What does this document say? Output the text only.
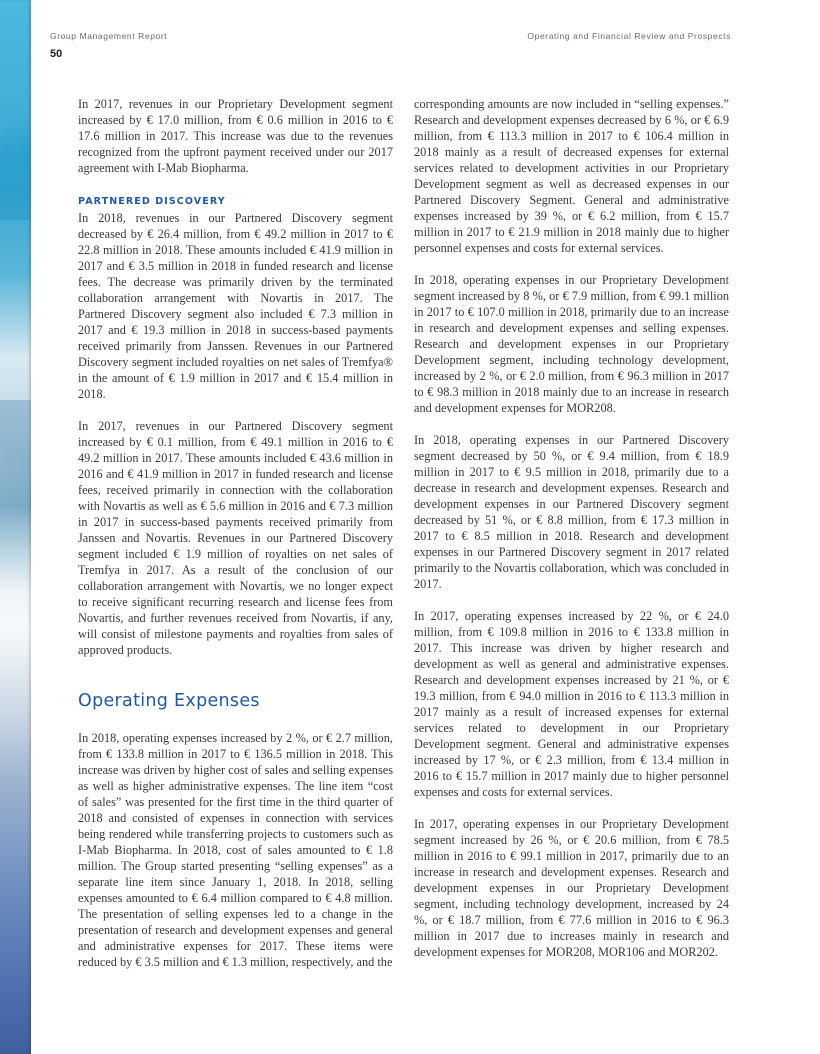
Group Management Report	Operating and Financial Review and Prospects
50

In 2017, revenues in our Proprietary Development segment increased by € 17.0 million, from € 0.6 million in 2016 to € 17.6 million in 2017. This increase was due to the revenues recognized from the upfront payment received under our 2017 agreement with I-Mab Biopharma.

PARTNERED DISCOVERY

In 2018, revenues in our Partnered Discovery segment decreased by € 26.4 million, from € 49.2 million in 2017 to € 22.8 million in 2018. These amounts included € 41.9 million in 2017 and € 3.5 million in 2018 in funded research and license fees. The decrease was primarily driven by the terminated collaboration arrangement with Novartis in 2017. The Partnered Discovery segment also included € 7.3 million in 2017 and € 19.3 million in 2018 in success-based payments received primarily from Janssen. Revenues in our Partnered Discovery segment included royalties on net sales of Tremfya® in the amount of € 1.9 million in 2017 and € 15.4 million in 2018.

In 2017, revenues in our Partnered Discovery segment increased by € 0.1 million, from € 49.1 million in 2016 to € 49.2 million in 2017. These amounts included € 43.6 million in 2016 and € 41.9 million in 2017 in funded research and license fees, received primarily in connection with the collaboration with Novartis as well as € 5.6 million in 2016 and € 7.3 million in 2017 in success-based payments received primarily from Janssen and Novartis. Revenues in our Partnered Discovery segment included € 1.9 million of royalties on net sales of Tremfya in 2017. As a result of the conclusion of our collaboration arrangement with Novartis, we no longer expect to receive significant recurring research and license fees from Novartis, and further revenues received from Novartis, if any, will consist of milestone payments and royalties from sales of approved products.

Operating Expenses

In 2018, operating expenses increased by 2 %, or € 2.7 million, from € 133.8 million in 2017 to € 136.5 million in 2018. This increase was driven by higher cost of sales and selling expenses as well as higher administrative expenses. The line item “cost of sales” was presented for the first time in the third quarter of 2018 and consisted of expenses in connection with services being rendered while transferring projects to customers such as I-Mab Biopharma. In 2018, cost of sales amounted to € 1.8 million. The Group started presenting “selling expenses” as a separate line item since January 1, 2018. In 2018, selling expenses amounted to € 6.4 million compared to € 4.8 million. The presentation of selling expenses led to a change in the presentation of research and development expenses and general and administrative expenses for 2017. These items were reduced by € 3.5 million and € 1.3 million, respectively, and the

corresponding amounts are now included in “selling expenses.” Research and development expenses decreased by 6 %, or € 6.9 million, from € 113.3 million in 2017 to € 106.4 million in 2018 mainly as a result of decreased expenses for external services related to development activities in our Proprietary Development segment as well as decreased expenses in our Partnered Discovery Segment. General and administrative expenses increased by 39 %, or € 6.2 million, from € 15.7 million in 2017 to € 21.9 million in 2018 mainly due to higher personnel expenses and costs for external services.

In 2018, operating expenses in our Proprietary Development segment increased by 8 %, or € 7.9 million, from € 99.1 million in 2017 to € 107.0 million in 2018, primarily due to an increase in research and development expenses and selling expenses. Research and development expenses in our Proprietary Development segment, including technology development, increased by 2 %, or € 2.0 million, from € 96.3 million in 2017 to € 98.3 million in 2018 mainly due to an increase in research and development expenses for MOR208.

In 2018, operating expenses in our Partnered Discovery segment decreased by 50 %, or € 9.4 million, from € 18.9 million in 2017 to € 9.5 million in 2018, primarily due to a decrease in research and development expenses. Research and development expenses in our Partnered Discovery segment decreased by 51 %, or € 8.8 million, from € 17.3 million in 2017 to € 8.5 million in 2018. Research and development expenses in our Partnered Discovery segment in 2017 related primarily to the Novartis collaboration, which was concluded in 2017.

In 2017, operating expenses increased by 22 %, or € 24.0 million, from € 109.8 million in 2016 to € 133.8 million in 2017. This increase was driven by higher research and development as well as general and administrative expenses. Research and development expenses increased by 21 %, or € 19.3 million, from € 94.0 million in 2016 to € 113.3 million in 2017 mainly as a result of increased expenses for external services related to development in our Proprietary Development segment. General and administrative expenses increased by 17 %, or € 2.3 million, from € 13.4 million in 2016 to € 15.7 million in 2017 mainly due to higher personnel expenses and costs for external services.

In 2017, operating expenses in our Proprietary Development segment increased by 26 %, or € 20.6 million, from € 78.5 million in 2016 to € 99.1 million in 2017, primarily due to an increase in research and development expenses. Research and development expenses in our Proprietary Development segment, including technology development, increased by 24 %, or € 18.7 million, from € 77.6 million in 2016 to € 96.3 million in 2017 due to increases mainly in research and development expenses for MOR208, MOR106 and MOR202.
